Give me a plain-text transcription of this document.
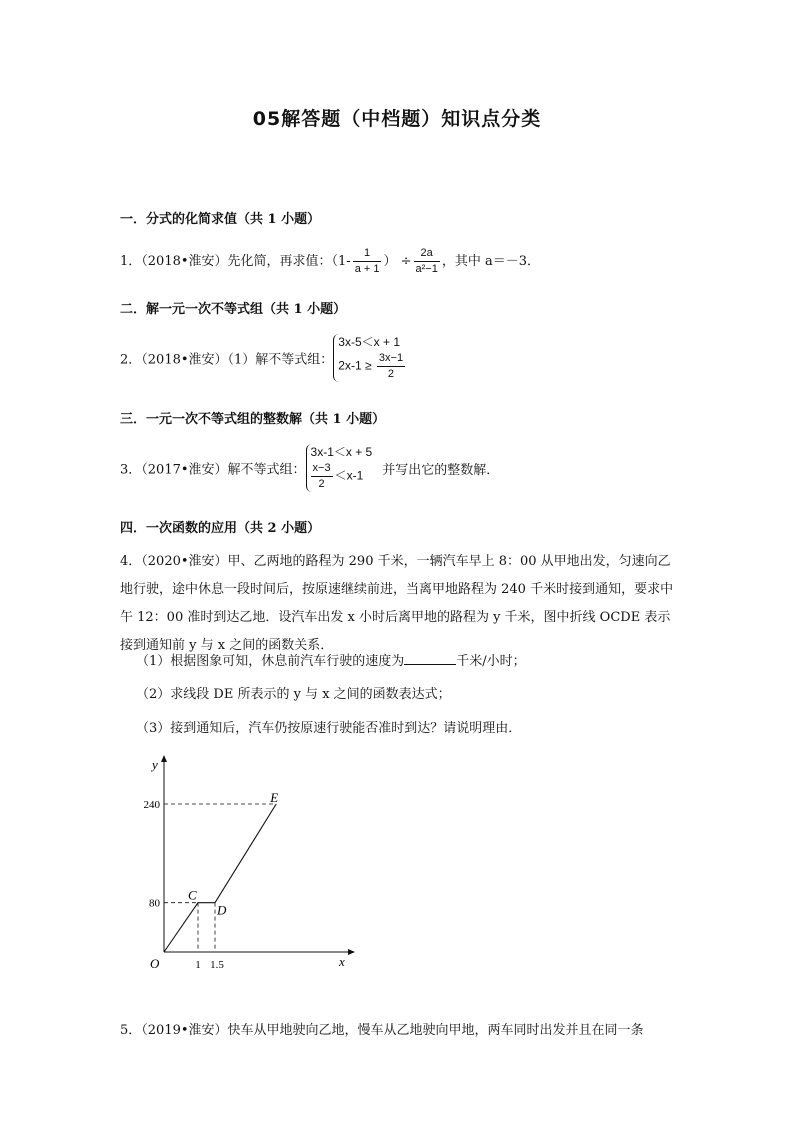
05解答题（中档题）知识点分类
一．分式的化简求值（共 1 小题）
1．（2018•淮安）先化简，再求值：（$1- \frac{1}{a + 1}$ ） ÷ $\frac{2a}{\text{a²−1}}$ ，其中 a＝－3．
二．解一元一次不等式组（共 1 小题）
2．（2018•淮安）（1）解不等式组：
3x-5＜x + 1
$2x-1 \ge \frac{3x-1}{2}$
三．一元一次不等式组的整数解（共 1 小题）
3．（2017•淮安）解不等式组：
3x-1＜x + 5
$\frac{x-3}{2} <x-1$	并写出它的整数解．
四．一次函数的应用（共 2 小题）
4．（2020•淮安）甲、乙两地的路程为 290 千米，一辆汽车早上 8：00 从甲地出发，匀速向乙地行驶，途中休息一段时间后，按原速继续前进，当离甲地路程为 240 千米时接到通知，要求中午 12：00 准时到达乙地．设汽车出发 x 小时后离甲地的路程为 y 千米，图中折线 OCDE 表示接到通知前 y 与 x 之间的函数关系．
（1）根据图象可知，休息前汽车行驶的速度为	千米/小时；
（2）求线段 DE 所表示的 y 与 x 之间的函数表达式；
（3）接到通知后，汽车仍按原速行驶能否准时到达？请说明理由．
y
x
O
240
80
1 1.5
C
D
E
5．（2019•淮安）快车从甲地驶向乙地，慢车从乙地驶向甲地，两车同时出发并且在同一条
